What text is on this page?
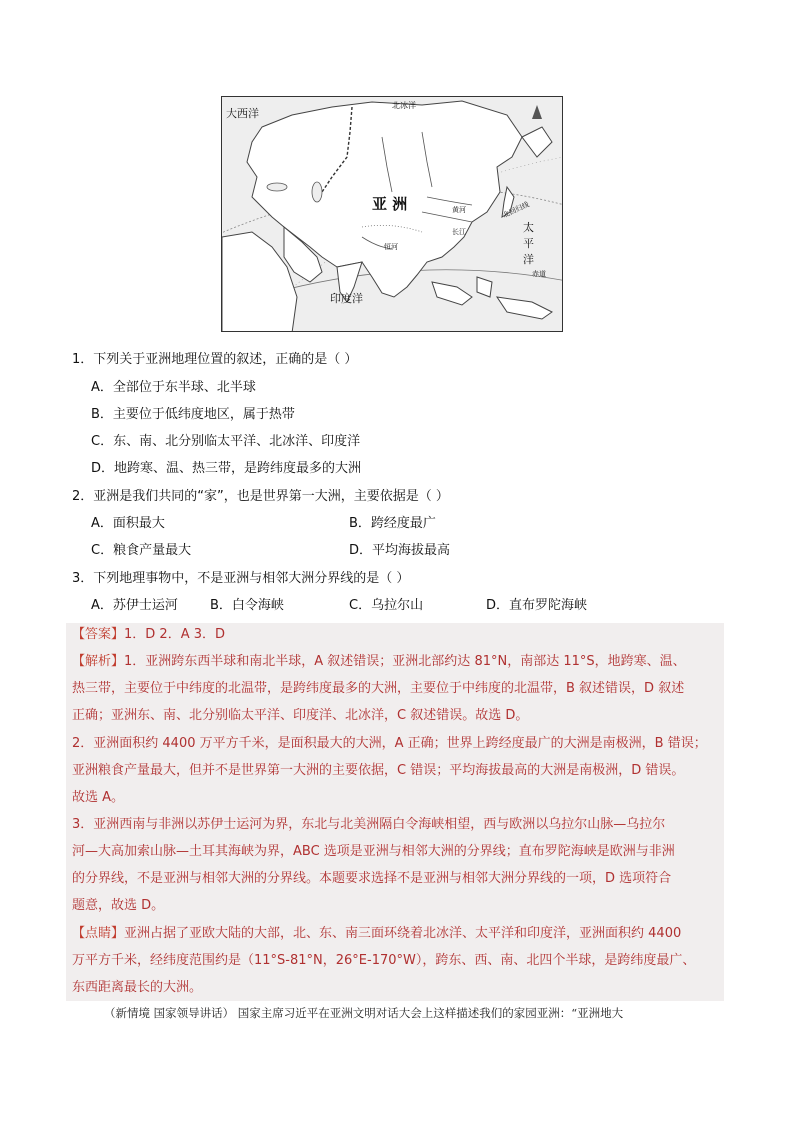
大西洋
北冰洋
亚 洲	北回归线
太
平
洋
赤道
黄河
长江
恒河
印度洋
1．下列关于亚洲地理位置的叙述，正确的是（ ）
A．全部位于东半球、北半球
B．主要位于低纬度地区，属于热带
C．东、南、北分别临太平洋、北冰洋、印度洋
D．地跨寒、温、热三带，是跨纬度最多的大洲
2．亚洲是我们共同的“家”，也是世界第一大洲，主要依据是（ ）
A．面积最大	B．跨经度最广
C．粮食产量最大	D．平均海拔最高
3．下列地理事物中，不是亚洲与相邻大洲分界线的是（ ）
A．苏伊士运河 B．白令海峡	C．乌拉尔山	D．直布罗陀海峡
【答案】1．D 2．A 3．D
【解析】1．亚洲跨东西半球和南北半球，A 叙述错误；亚洲北部约达 81°N，南部达 11°S，地跨寒、温、
热三带，主要位于中纬度的北温带，是跨纬度最多的大洲，主要位于中纬度的北温带，B 叙述错误，D 叙述
正确；亚洲东、南、北分别临太平洋、印度洋、北冰洋，C 叙述错误。故选 D。
2．亚洲面积约 4400 万平方千米，是面积最大的大洲，A 正确；世界上跨经度最广的大洲是南极洲，B 错误；
亚洲粮食产量最大，但并不是世界第一大洲的主要依据，C 错误；平均海拔最高的大洲是南极洲，D 错误。
故选 A。
3．亚洲西南与非洲以苏伊士运河为界，东北与北美洲隔白令海峡相望，西与欧洲以乌拉尔山脉—乌拉尔
河—大高加索山脉—土耳其海峡为界，ABC 选项是亚洲与相邻大洲的分界线；直布罗陀海峡是欧洲与非洲
的分界线，不是亚洲与相邻大洲的分界线。本题要求选择不是亚洲与相邻大洲分界线的一项，D 选项符合
题意，故选 D。
【点睛】亚洲占据了亚欧大陆的大部，北、东、南三面环绕着北冰洋、太平洋和印度洋，亚洲面积约 4400
万平方千米，经纬度范围约是（11°S-81°N，26°E-170°W），跨东、西、南、北四个半球，是跨纬度最广、
东西距离最长的大洲。
（新情境 国家领导讲话） 国家主席习近平在亚洲文明对话大会上这样描述我们的家园亚洲：“亚洲地大
